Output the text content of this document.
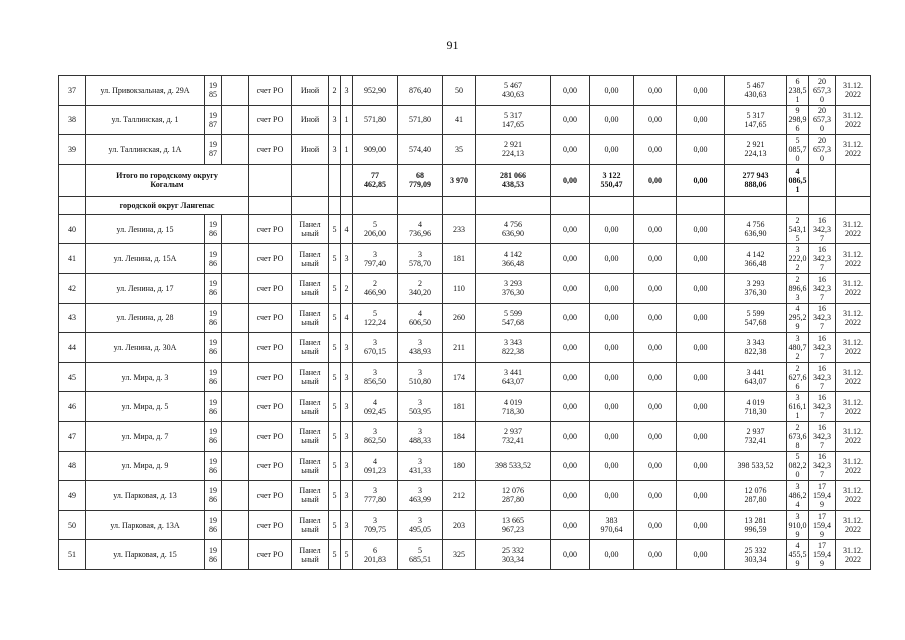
91
37	ул. Привокзальная, д. 29А	19
85		счет РО	Иной	2	3	952,90	876,40	50	5 467
430,63	0,00	0,00	0,00	0,00	5 467
430,63	6
238,5
1	20
657,3
0	31.12.
2022
38	ул. Таллинская, д. 1	19
87		счет РО	Иной	3	1	571,80	571,80	41	5 317
147,65	0,00	0,00	0,00	0,00	5 317
147,65	9
298,9
6	20
657,3
0	31.12.
2022
39	ул. Таллинская, д. 1А	19
87		счет РО	Иной	3	1	909,00	574,40	35	2 921
224,13	0,00	0,00	0,00	0,00	2 921
224,13	5
085,7
0	20
657,3
0	31.12.
2022
	Итого по городскому округу
Когалым							77
462,85	68
779,09	3 970	281 066
438,53	0,00	3 122
550,47	0,00	0,00	277 943
888,06	4
086,5
1		
	городской округ Лангепас																		
40	ул. Ленина, д. 15	19
86		счет РО	Панел
ьный	5	4	5
206,00	4
736,96	233	4 756
636,90	0,00	0,00	0,00	0,00	4 756
636,90	2
543,1
5	16
342,3
7	31.12.
2022
41	ул. Ленина, д. 15А	19
86		счет РО	Панел
ьный	5	3	3
797,40	3
578,70	181	4 142
366,48	0,00	0,00	0,00	0,00	4 142
366,48	3
222,0
2	16
342,3
7	31.12.
2022
42	ул. Ленина, д. 17	19
86		счет РО	Панел
ьный	5	2	2
466,90	2
340,20	110	3 293
376,30	0,00	0,00	0,00	0,00	3 293
376,30	2
896,6
3	16
342,3
7	31.12.
2022
43	ул. Ленина, д. 28	19
86		счет РО	Панел
ьный	5	4	5
122,24	4
606,50	260	5 599
547,68	0,00	0,00	0,00	0,00	5 599
547,68	4
295,2
9	16
342,3
7	31.12.
2022
44	ул. Ленина, д. 30А	19
86		счет РО	Панел
ьный	5	3	3
670,15	3
438,93	211	3 343
822,38	0,00	0,00	0,00	0,00	3 343
822,38	3
480,7
2	16
342,3
7	31.12.
2022
45	ул. Мира, д. 3	19
86		счет РО	Панел
ьный	5	3	3
856,50	3
510,80	174	3 441
643,07	0,00	0,00	0,00	0,00	3 441
643,07	2
627,6
6	16
342,3
7	31.12.
2022
46	ул. Мира, д. 5	19
86		счет РО	Панел
ьный	5	3	4
092,45	3
503,95	181	4 019
718,30	0,00	0,00	0,00	0,00	4 019
718,30	3
616,1
1	16
342,3
7	31.12.
2022
47	ул. Мира, д. 7	19
86		счет РО	Панел
ьный	5	3	3
862,50	3
488,33	184	2 937
732,41	0,00	0,00	0,00	0,00	2 937
732,41	2
673,6
8	16
342,3
7	31.12.
2022
48	ул. Мира, д. 9	19
86		счет РО	Панел
ьный	5	3	4
091,23	3
431,33	180	398 533,52	0,00	0,00	0,00	0,00	398 533,52	5
082,2
0	16
342,3
7	31.12.
2022
49	ул. Парковая, д. 13	19
86		счет РО	Панел
ьный	5	3	3
777,80	3
463,99	212	12 076
287,80	0,00	0,00	0,00	0,00	12 076
287,80	3
486,2
4	17
159,4
9	31.12.
2022
50	ул. Парковая, д. 13А	19
86		счет РО	Панел
ьный	5	3	3
709,75	3
495,05	203	13 665
967,23	0,00	383
970,64	0,00	0,00	13 281
996,59	3
910,0
9	17
159,4
9	31.12.
2022
51	ул. Парковая, д. 15	19
86		счет РО	Панел
ьный	5	5	6
201,83	5
685,51	325	25 332
303,34	0,00	0,00	0,00	0,00	25 332
303,34	4
455,5
9	17
159,4
9	31.12.
2022
